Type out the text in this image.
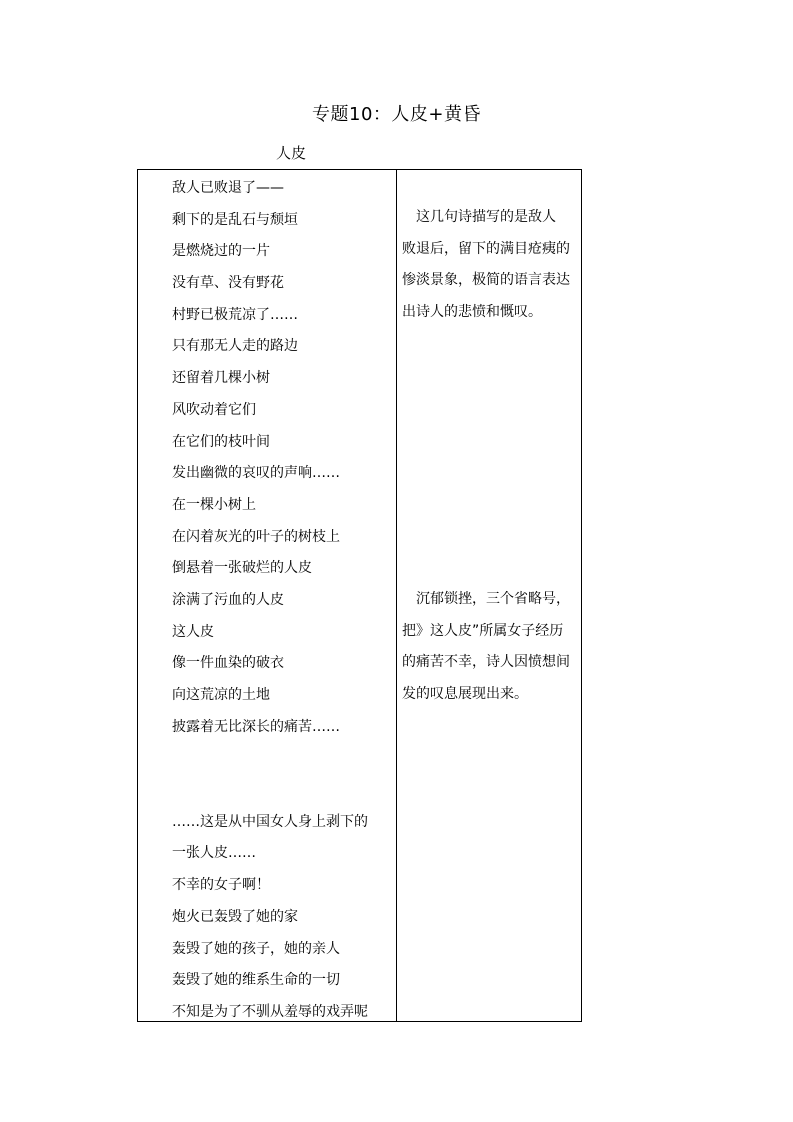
专题10：人皮+黄昏
人皮
敌人已败退了——
剩下的是乱石与颓垣
是燃烧过的一片
没有草、没有野花
村野已极荒凉了……
只有那无人走的路边
还留着几棵小树
风吹动着它们
在它们的枝叶间
发出幽微的哀叹的声响……
在一棵小树上
在闪着灰光的叶子的树枝上
倒悬着一张破烂的人皮
涂满了污血的人皮
这人皮
像一件血染的破衣
向这荒凉的土地
披露着无比深长的痛苦……
……这是从中国女人身上剥下的
一张人皮……
不幸的女子啊！
炮火已轰毁了她的家
轰毁了她的孩子，她的亲人
轰毁了她的维系生命的一切
不知是为了不驯从羞辱的戏弄呢

　这几句诗描写的是敌人
败退后，留下的满目疮痍的
惨淡景象，极简的语言表达
出诗人的悲愤和慨叹。

　沉郁锁挫，三个省略号，
把》这人皮”所属女子经历
的痛苦不幸，诗人因愤想间
发的叹息展现出来。
